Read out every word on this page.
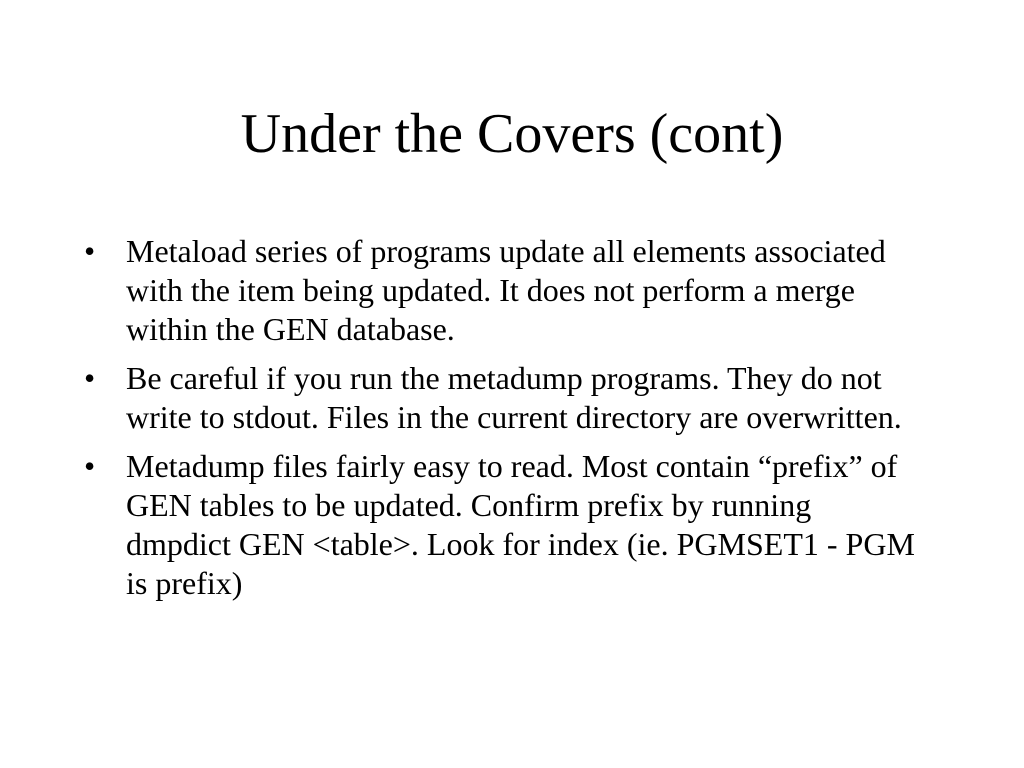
Under the Covers (cont)
• Metaload series of programs update all elements associated with the item being updated. It does not perform a merge within the GEN database.
• Be careful if you run the metadump programs. They do not write to stdout. Files in the current directory are overwritten.
• Metadump files fairly easy to read. Most contain “prefix” of GEN tables to be updated. Confirm prefix by running dmpdict GEN <table>. Look for index (ie. PGMSET1 - PGM is prefix)
